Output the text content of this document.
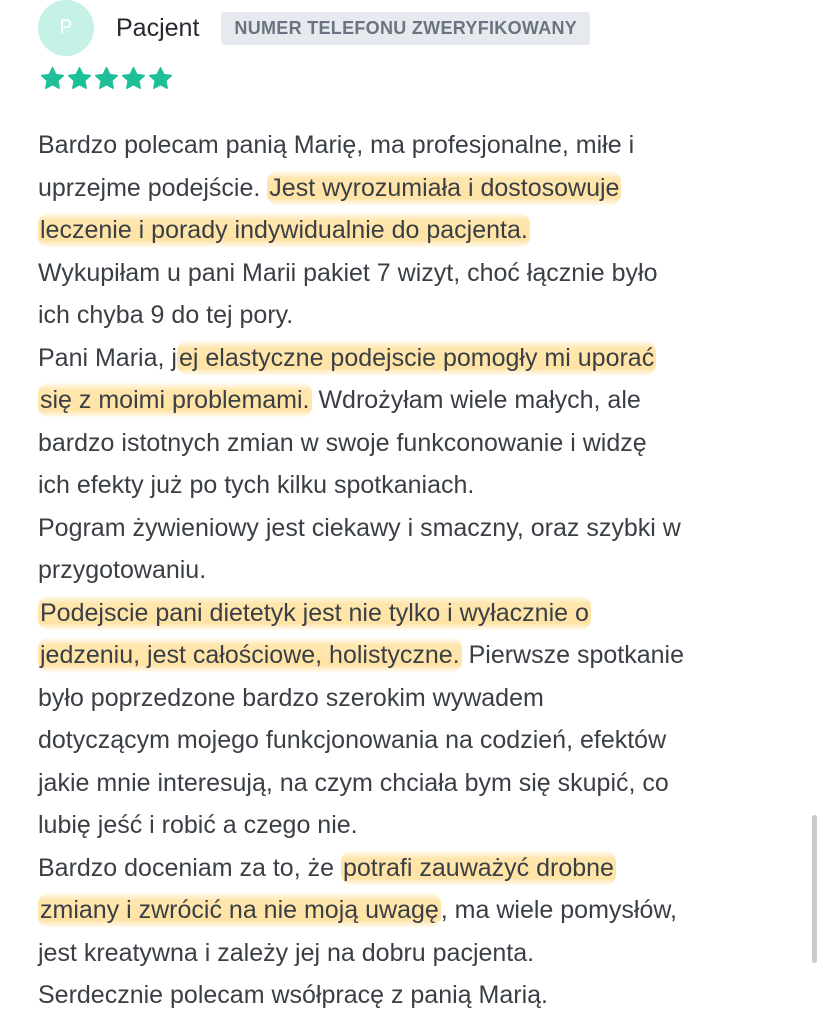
P Pacjent	NUMER TELEFONU ZWERYFIKOWANY

Bardzo polecam panią Marię, ma profesjonalne, miłe i
uprzejme podejście. Jest wyrozumiała i dostosowuje
leczenie i porady indywidualnie do pacjenta.
Wykupiłam u pani Marii pakiet 7 wizyt, choć łącznie było
ich chyba 9 do tej pory.
Pani Maria, jej elastyczne podejscie pomogły mi uporać
się z moimi problemami. Wdrożyłam wiele małych, ale
bardzo istotnych zmian w swoje funkconowanie i widzę
ich efekty już po tych kilku spotkaniach.
Pogram żywieniowy jest ciekawy i smaczny, oraz szybki w
przygotowaniu.
Podejscie pani dietetyk jest nie tylko i wyłacznie o
jedzeniu, jest całościowe, holistyczne. Pierwsze spotkanie
było poprzedzone bardzo szerokim wywadem
dotyczącym mojego funkcjonowania na codzień, efektów
jakie mnie interesują, na czym chciała bym się skupić, co
lubię jeść i robić a czego nie.
Bardzo doceniam za to, że potrafi zauważyć drobne
zmiany i zwrócić na nie moją uwagę, ma wiele pomysłów,
jest kreatywna i zależy jej na dobru pacjenta.
Serdecznie polecam wsółpracę z panią Marią.
